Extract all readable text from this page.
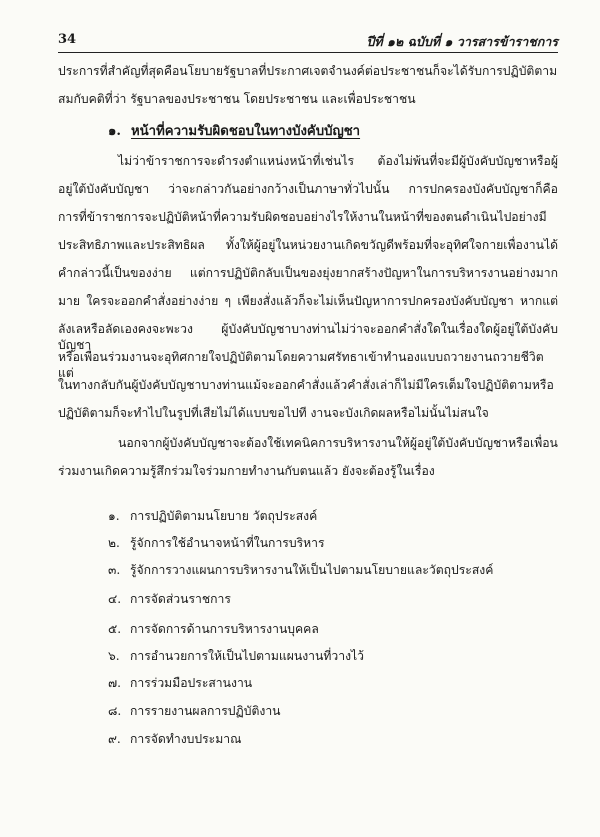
34	ปีที่ ๑๒ ฉบับที่ ๑ วารสารข้าราชการ
ประการที่สำคัญที่สุดคือนโยบายรัฐบาลที่ประกาศเจตจำนงค์ต่อประชาชนก็จะได้รับการปฏิบัติตาม
สมกับคติที่ว่า รัฐบาลของประชาชน โดยประชาชน และเพื่อประชาชน
๑. หน้าที่ความรับผิดชอบในทางบังคับบัญชา
ไม่ว่าข้าราชการจะดำรงตำแหน่งหน้าที่เช่นไร ต้องไม่พ้นที่จะมีผู้บังคับบัญชาหรือผู้
อยู่ใต้บังคับบัญชา ว่าจะกล่าวกันอย่างกว้างเป็นภาษาทั่วไปนั้น การปกครองบังคับบัญชาก็คือ
การที่ข้าราชการจะปฏิบัติหน้าที่ความรับผิดชอบอย่างไรให้งานในหน้าที่ของตนดำเนินไปอย่างมี
ประสิทธิภาพและประสิทธิผล ทั้งให้ผู้อยู่ในหน่วยงานเกิดขวัญดีพร้อมที่จะอุทิศใจกายเพื่องานได้
คำกล่าวนี้เป็นของง่าย แต่การปฏิบัติกลับเป็นของยุ่งยากสร้างปัญหาในการบริหารงานอย่างมาก
มาย ใครจะออกคำสั่งอย่างง่าย ๆ เพียงสั่งแล้วก็จะไม่เห็นปัญหาการปกครองบังคับบัญชา หากแต่
ลังเลหรือลัดเองคงจะพะวง ผู้บังคับบัญชาบางท่านไม่ว่าจะออกคำสั่งใดในเรื่องใดผู้อยู่ใต้บังคับบัญชา
หรือเพื่อนร่วมงานจะอุทิศกายใจปฏิบัติตามโดยความศรัทธาเข้าทำนองแบบถวายงานถวายชีวิต แต่
ในทางกลับกันผู้บังคับบัญชาบางท่านแม้จะออกคำสั่งแล้วคำสั่งเล่าก็ไม่มีใครเต็มใจปฏิบัติตามหรือ
ปฏิบัติตามก็จะทำไปในรูปที่เสียไม่ได้แบบขอไปที งานจะบังเกิดผลหรือไม่นั้นไม่สนใจ
นอกจากผู้บังคับบัญชาจะต้องใช้เทคนิคการบริหารงานให้ผู้อยู่ใต้บังคับบัญชาหรือเพื่อน
ร่วมงานเกิดความรู้สึกร่วมใจร่วมกายทำงานกับตนแล้ว ยังจะต้องรู้ในเรื่อง
๑. การปฏิบัติตามนโยบาย วัตถุประสงค์
๒. รู้จักการใช้อำนาจหน้าที่ในการบริหาร
๓. รู้จักการวางแผนการบริหารงานให้เป็นไปตามนโยบายและวัตถุประสงค์
๔. การจัดส่วนราชการ
๕. การจัดการด้านการบริหารงานบุคคล
๖. การอำนวยการให้เป็นไปตามแผนงานที่วางไว้
๗. การร่วมมือประสานงาน
๘. การรายงานผลการปฏิบัติงาน
๙. การจัดทำงบประมาณ
